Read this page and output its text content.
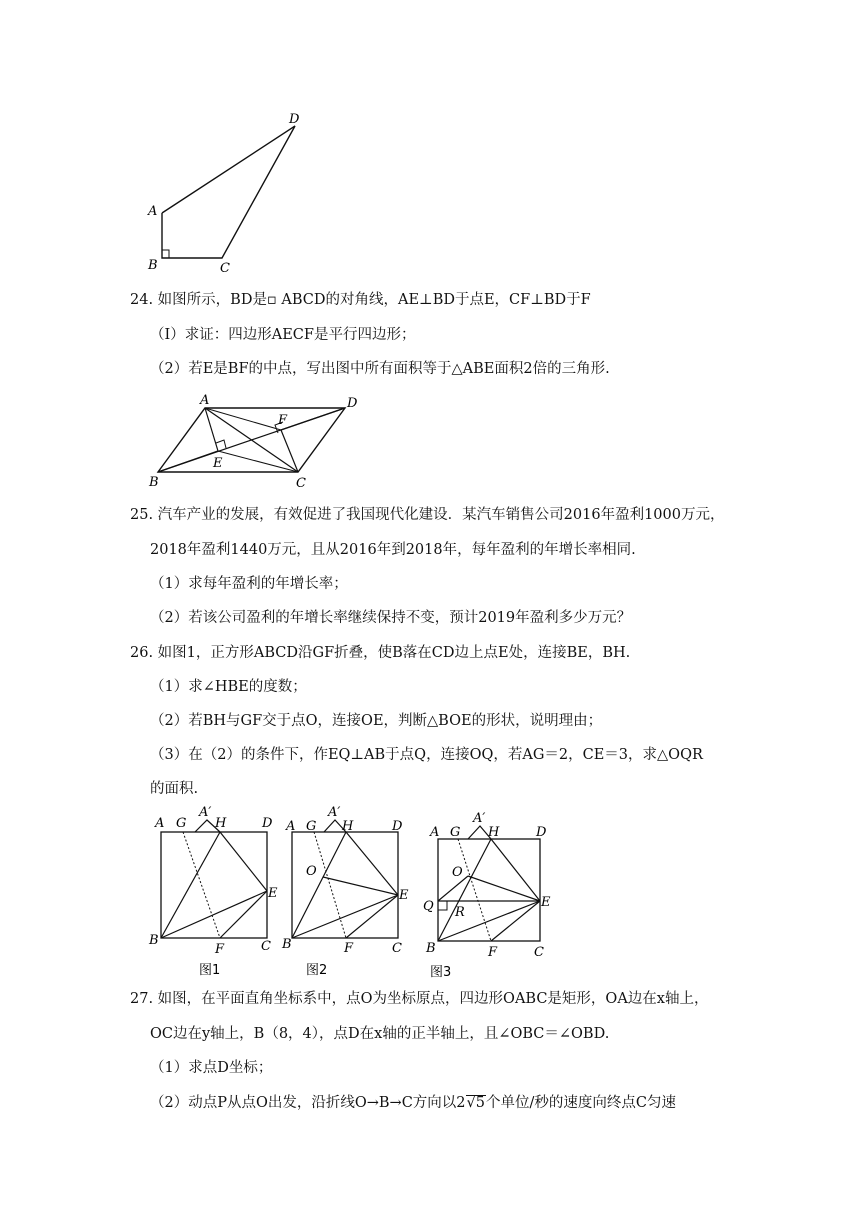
D
A
B	C
24. 如图所示，BD是▫ ABCD的对角线，AE⊥BD于点E，CF⊥BD于F
（I）求证：四边形AECF是平行四边形；
（2）若E是BF的中点，写出图中所有面积等于△ABE面积2倍的三角形.
A	D
F
E
B	C
25. 汽车产业的发展，有效促进了我国现代化建设．某汽车销售公司2016年盈利1000万元，
2018年盈利1440万元，且从2016年到2018年，每年盈利的年增长率相同.
（1）求每年盈利的年增长率；
（2）若该公司盈利的年增长率继续保持不变，预计2019年盈利多少万元？
26. 如图1，正方形ABCD沿GF折叠，使B落在CD边上点E处，连接BE，BH.
（1）求∠HBE的度数；
（2）若BH与GF交于点O，连接OE，判断△BOE的形状，说明理由；
（3）在（2）的条件下，作EQ⊥AB于点Q，连接OQ，若AG＝2，CE＝3，求△OQR
的面积.
A G
A′
H	D
E
B
F	C
图1
A G
A′
H	D
O
E
B	F	C
图2
A G
A′
H	D
O
Q R
E
B	F	C
图3
27. 如图，在平面直角坐标系中，点O为坐标原点，四边形OABC是矩形，OA边在x轴上，
OC边在y轴上，B（8，4），点D在x轴的正半轴上，且∠OBC＝∠OBD.
（1）求点D坐标；
（2）动点P从点O出发，沿折线O→B→C方向以2√5个单位/秒的速度向终点C匀速
